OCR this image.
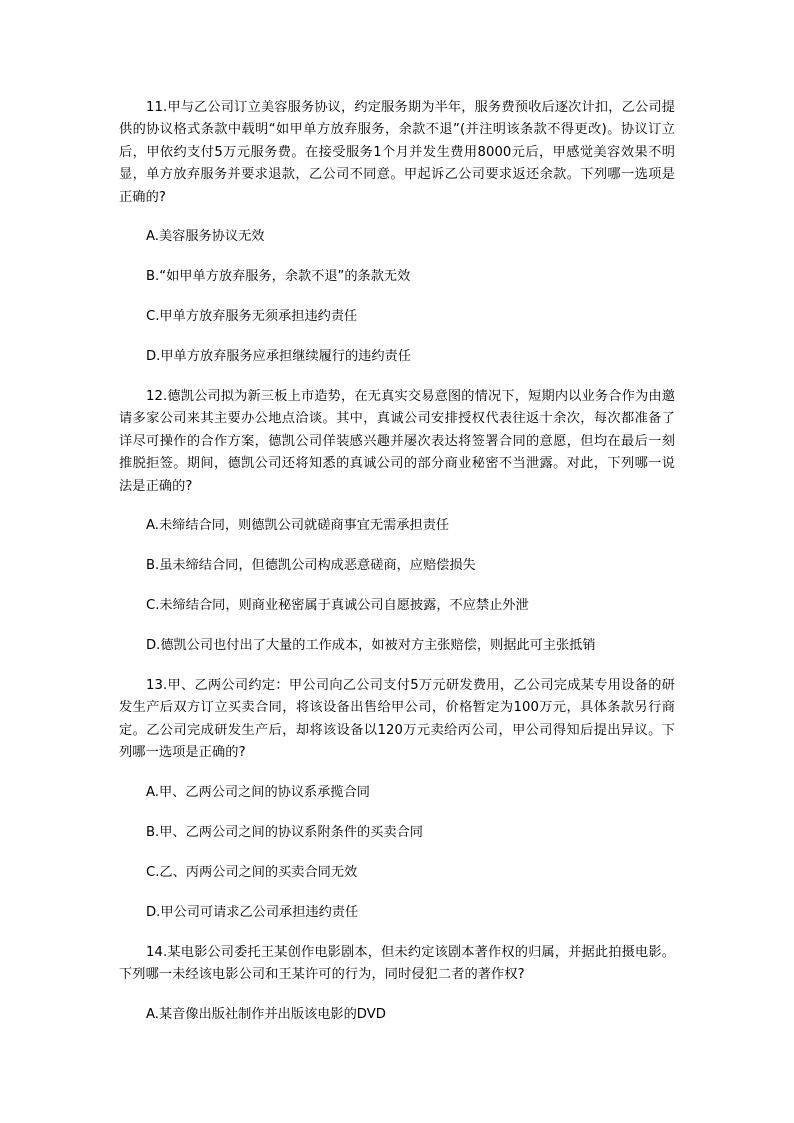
11.甲与乙公司订立美容服务协议，约定服务期为半年，服务费预收后逐次计扣，乙公司提供的协议格式条款中载明“如甲单方放弃服务，余款不退”(并注明该条款不得更改)。协议订立后，甲依约支付5万元服务费。在接受服务1个月并发生费用8000元后，甲感觉美容效果不明显，单方放弃服务并要求退款，乙公司不同意。甲起诉乙公司要求返还余款。下列哪一选项是正确的?

A.美容服务协议无效

B.“如甲单方放弃服务，余款不退”的条款无效

C.甲单方放弃服务无须承担违约责任

D.甲单方放弃服务应承担继续履行的违约责任

12.德凯公司拟为新三板上市造势，在无真实交易意图的情况下，短期内以业务合作为由邀请多家公司来其主要办公地点洽谈。其中，真诚公司安排授权代表往返十余次，每次都准备了详尽可操作的合作方案，德凯公司佯装感兴趣并屡次表达将签署合同的意愿，但均在最后一刻推脱拒签。期间，德凯公司还将知悉的真诚公司的部分商业秘密不当泄露。对此，下列哪一说法是正确的?

A.未缔结合同，则德凯公司就磋商事宜无需承担责任

B.虽未缔结合同，但德凯公司构成恶意磋商，应赔偿损失

C.未缔结合同，则商业秘密属于真诚公司自愿披露，不应禁止外泄

D.德凯公司也付出了大量的工作成本，如被对方主张赔偿，则据此可主张抵销

13.甲、乙两公司约定：甲公司向乙公司支付5万元研发费用，乙公司完成某专用设备的研发生产后双方订立买卖合同，将该设备出售给甲公司，价格暂定为100万元，具体条款另行商定。乙公司完成研发生产后，却将该设备以120万元卖给丙公司，甲公司得知后提出异议。下列哪一选项是正确的?

A.甲、乙两公司之间的协议系承揽合同

B.甲、乙两公司之间的协议系附条件的买卖合同

C.乙、丙两公司之间的买卖合同无效

D.甲公司可请求乙公司承担违约责任

14.某电影公司委托王某创作电影剧本，但未约定该剧本著作权的归属，并据此拍摄电影。下列哪一未经该电影公司和王某许可的行为，同时侵犯二者的著作权?

A.某音像出版社制作并出版该电影的DVD
